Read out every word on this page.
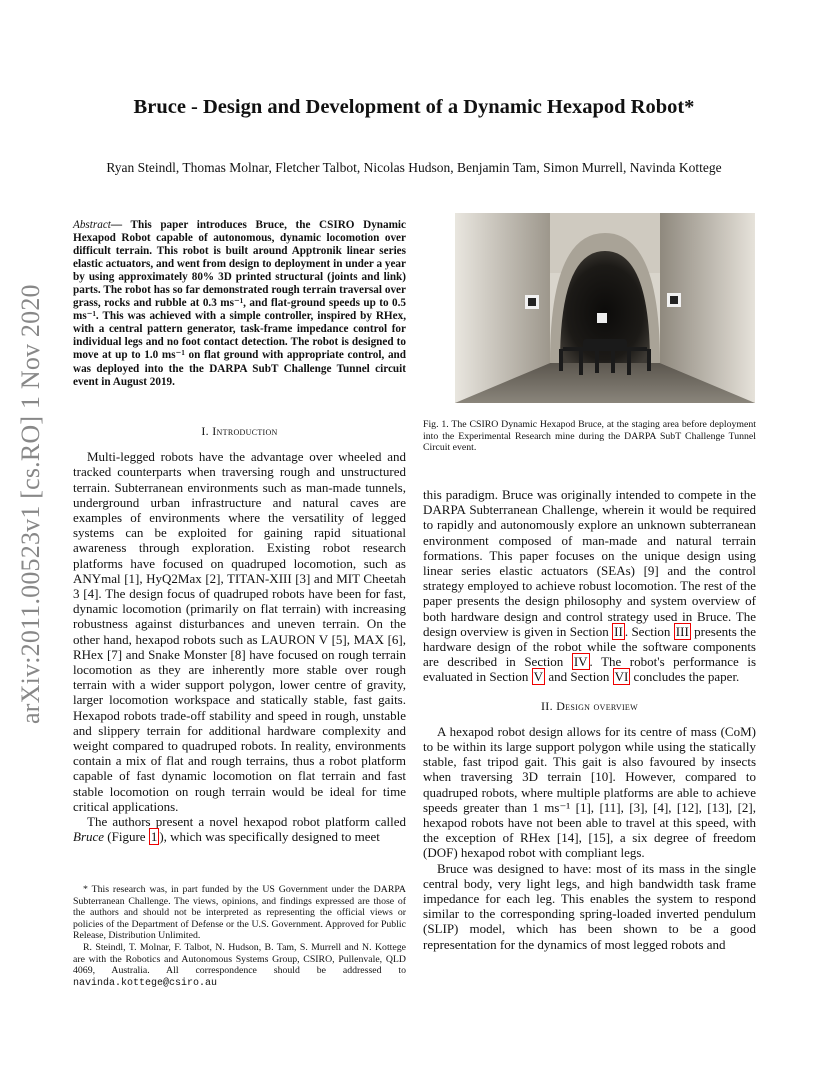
arXiv:2011.00523v1 [cs.RO] 1 Nov 2020
Bruce - Design and Development of a Dynamic Hexapod Robot*
Ryan Steindl, Thomas Molnar, Fletcher Talbot, Nicolas Hudson, Benjamin Tam, Simon Murrell, Navinda Kottege
Abstract— This paper introduces Bruce, the CSIRO Dynamic Hexapod Robot capable of autonomous, dynamic locomotion over difficult terrain. This robot is built around Apptronik linear series elastic actuators, and went from design to deployment in under a year by using approximately 80% 3D printed structural (joints and link) parts. The robot has so far demonstrated rough terrain traversal over grass, rocks and rubble at 0.3 ms⁻¹, and flat-ground speeds up to 0.5 ms⁻¹. This was achieved with a simple controller, inspired by RHex, with a central pattern generator, task-frame impedance control for individual legs and no foot contact detection. The robot is designed to move at up to 1.0 ms⁻¹ on flat ground with appropriate control, and was deployed into the the DARPA SubT Challenge Tunnel circuit event in August 2019.
I. Introduction

Multi-legged robots have the advantage over wheeled and tracked counterparts when traversing rough and unstructured terrain. Subterranean environments such as man-made tunnels, underground urban infrastructure and natural caves are examples of environments where the versatility of legged systems can be exploited for gaining rapid situational awareness through exploration. Existing robot research platforms have focused on quadruped locomotion, such as ANYmal [1], HyQ2Max [2], TITAN-XIII [3] and MIT Cheetah 3 [4]. The design focus of quadruped robots have been for fast, dynamic locomotion (primarily on flat terrain) with increasing robustness against disturbances and uneven terrain. On the other hand, hexapod robots such as LAURON V [5], MAX [6], RHex [7] and Snake Monster [8] have focused on rough terrain locomotion as they are inherently more stable over rough terrain with a wider support polygon, lower centre of gravity, larger locomotion workspace and statically stable, fast gaits. Hexapod robots trade-off stability and speed in rough, unstable and slippery terrain for additional hardware complexity and weight compared to quadruped robots. In reality, environments contain a mix of flat and rough terrains, thus a robot platform capable of fast dynamic locomotion on flat terrain and fast stable locomotion on rough terrain would be ideal for time critical applications.

The authors present a novel hexapod robot platform called Bruce (Figure 1 ), which was specifically designed to meet

Fig. 1. The CSIRO Dynamic Hexapod Bruce, at the staging area before deployment into the Experimental Research mine during the DARPA SubT Challenge Tunnel Circuit event.

this paradigm. Bruce was originally intended to compete in the DARPA Subterranean Challenge, wherein it would be required to rapidly and autonomously explore an unknown subterranean environment composed of man-made and natural terrain formations. This paper focuses on the unique design using linear series elastic actuators (SEAs) [9] and the control strategy employed to achieve robust locomotion. The rest of the paper presents the design philosophy and system overview of both hardware design and control strategy used in Bruce. The design overview is given in Section II . Section III presents the hardware design of the robot while the software components are described in Section IV . The robot's performance is evaluated in Section V and Section VI concludes the paper.

II. Design overview

A hexapod robot design allows for its centre of mass (CoM) to be within its large support polygon while using the statically stable, fast tripod gait. This gait is also favoured by insects when traversing 3D terrain [10]. However, compared to quadruped robots, where multiple platforms are able to achieve speeds greater than 1 ms⁻¹ [1], [11], [3], [4], [12], [13], [2], hexapod robots have not been able to travel at this speed, with the exception of RHex [14], [15], a six degree of freedom (DOF) hexapod robot with compliant legs.

Bruce was designed to have: most of its mass in the single central body, very light legs, and high bandwidth task frame impedance for each leg. This enables the system to respond similar to the corresponding spring-loaded inverted pendulum (SLIP) model, which has been shown to be a good representation for the dynamics of most legged robots and

* This research was, in part funded by the US Government under the DARPA Subterranean Challenge. The views, opinions, and findings expressed are those of the authors and should not be interpreted as representing the official views or policies of the Department of Defense or the U.S. Government. Approved for Public Release, Distribution Unlimited.

R. Steindl, T. Molnar, F. Talbot, N. Hudson, B. Tam, S. Murrell and N. Kottege are with the Robotics and Autonomous Systems Group, CSIRO, Pullenvale, QLD 4069, Australia. All correspondence should be addressed to navinda.kottege@csiro.au
